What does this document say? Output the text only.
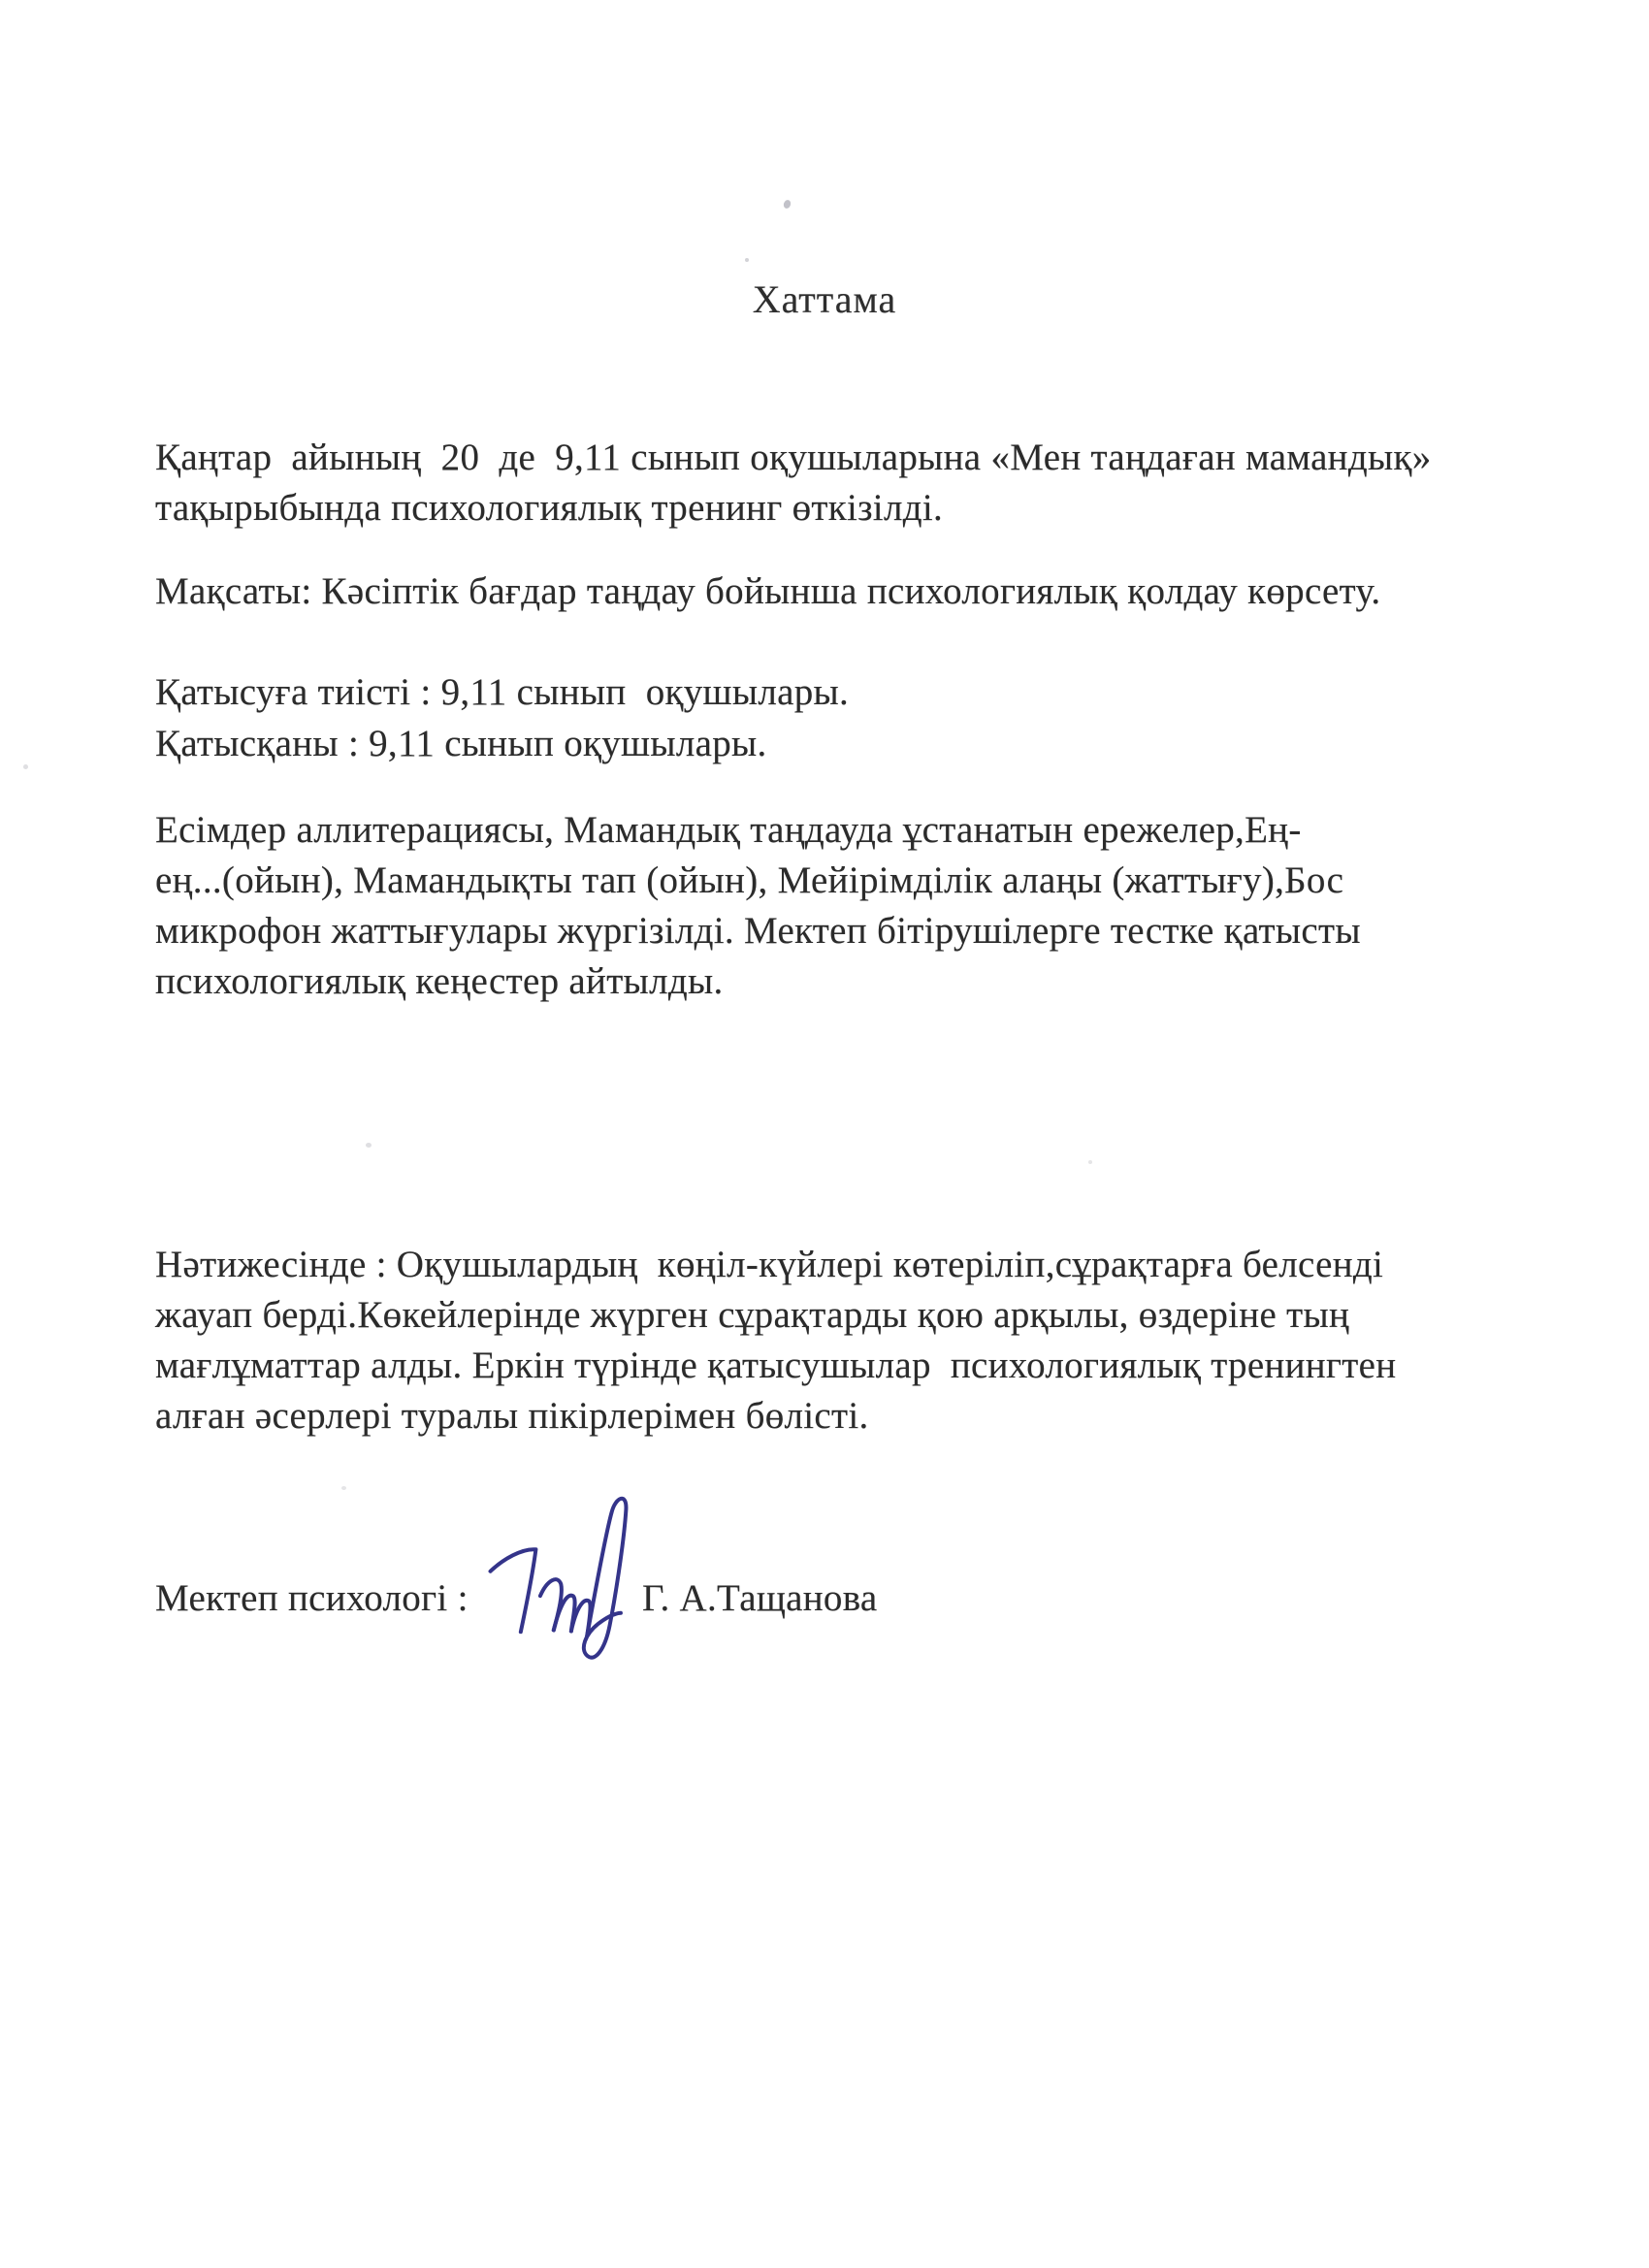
Хаттама
Қаңтар  айының  20  де  9,11 сынып оқушыларына «Мен таңдаған мамандық»
тақырыбында психологиялық тренинг өткізілді.
Мақсаты: Кәсіптік бағдар таңдау бойынша психологиялық қолдау көрсету.
Қатысуға тиісті : 9,11 сынып  оқушылары.
Қатысқаны : 9,11 сынып оқушылары.
Есімдер аллитерациясы, Мамандық таңдауда ұстанатын ережелер,Ең-
ең...(ойын), Мамандықты тап (ойын), Мейірімділік алаңы (жаттығу),Бос
микрофон жаттығулары жүргізілді. Мектеп бітірушілерге тестке қатысты
психологиялық кеңестер айтылды.
Нәтижесінде : Оқушылардың  көңіл-күйлері көтеріліп,сұрақтарға белсенді
жауап берді.Көкейлерінде жүрген сұрақтарды қою арқылы, өздеріне тың
мағлұматтар алды. Еркін түрінде қатысушылар  психологиялық тренингтен
алған әсерлері туралы пікірлерімен бөлісті.
Мектеп психологі :	Г. А.Тащанова
